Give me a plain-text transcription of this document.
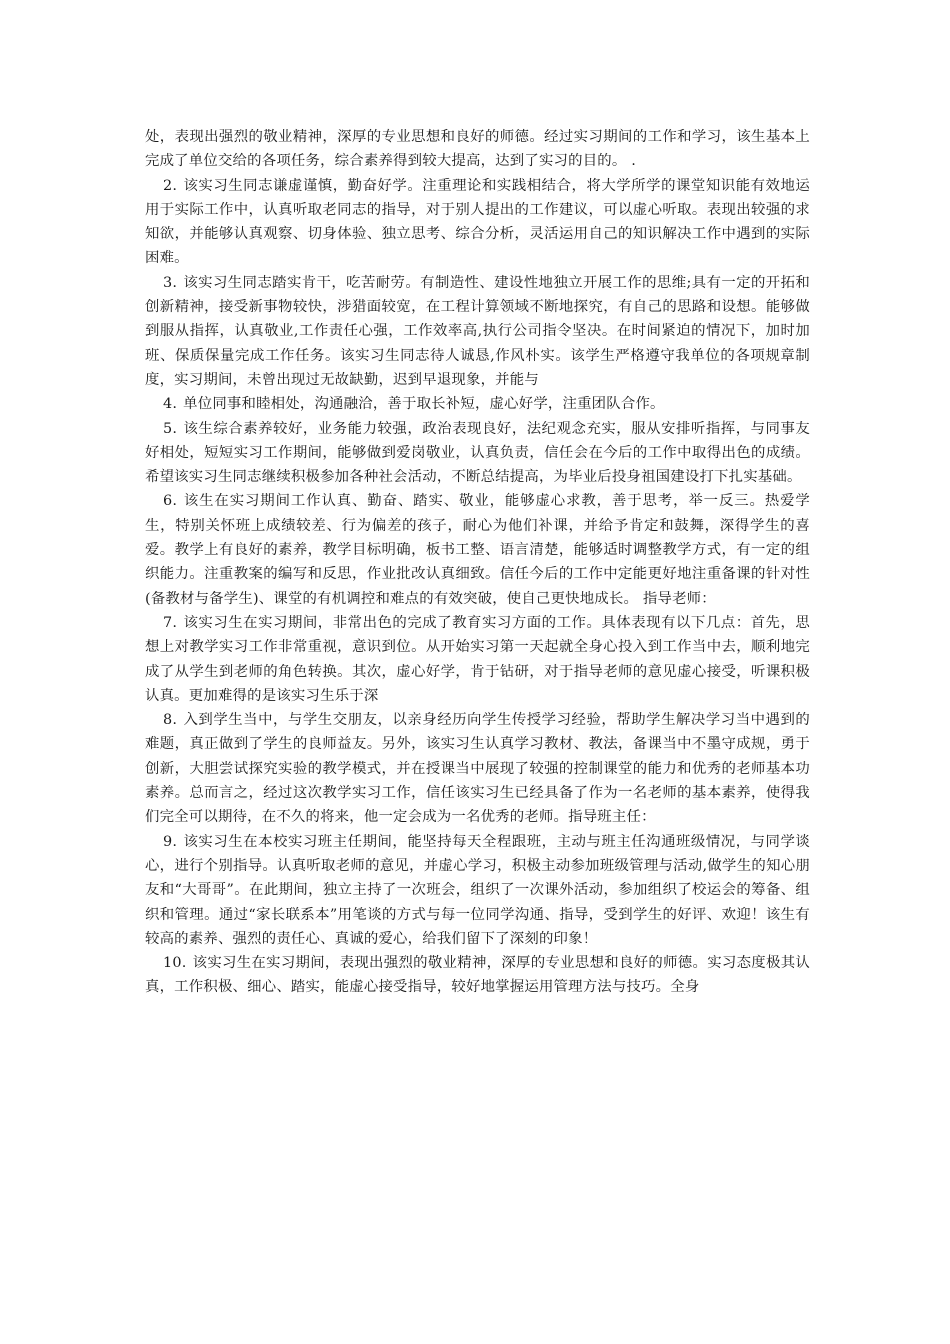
处，表现出强烈的敬业精神，深厚的专业思想和良好的师德。经过实习期间的工作和学习，该生基本上完成了单位交给的各项任务，综合素养得到较大提高，达到了实习的目的。 .

2. 该实习生同志谦虚谨慎，勤奋好学。注重理论和实践相结合，将大学所学的课堂知识能有效地运用于实际工作中，认真听取老同志的指导，对于别人提出的工作建议，可以虚心听取。表现出较强的求知欲，并能够认真观察、切身体验、独立思考、综合分析，灵活运用自己的知识解决工作中遇到的实际困难。

3. 该实习生同志踏实肯干，吃苦耐劳。有制造性、建设性地独立开展工作的思维;具有一定的开拓和创新精神，接受新事物较快，涉猎面较宽，在工程计算领域不断地探究，有自己的思路和设想。能够做到服从指挥，认真敬业,工作责任心强，工作效率高,执行公司指令坚决。在时间紧迫的情况下，加时加班、保质保量完成工作任务。该实习生同志待人诚恳,作风朴实。该学生严格遵守我单位的各项规章制度，实习期间，未曾出现过无故缺勤，迟到早退现象，并能与

4. 单位同事和睦相处，沟通融洽，善于取长补短，虚心好学，注重团队合作。

5. 该生综合素养较好，业务能力较强，政治表现良好，法纪观念充实，服从安排听指挥，与同事友好相处，短短实习工作期间，能够做到爱岗敬业，认真负责，信任会在今后的工作中取得出色的成绩。希望该实习生同志继续积极参加各种社会活动，不断总结提高，为毕业后投身祖国建设打下扎实基础。

6. 该生在实习期间工作认真、勤奋、踏实、敬业，能够虚心求教，善于思考，举一反三。热爱学生，特别关怀班上成绩较差、行为偏差的孩子，耐心为他们补课，并给予肯定和鼓舞，深得学生的喜爱。教学上有良好的素养，教学目标明确，板书工整、语言清楚，能够适时调整教学方式，有一定的组织能力。注重教案的编写和反思，作业批改认真细致。信任今后的工作中定能更好地注重备课的针对性(备教材与备学生)、课堂的有机调控和难点的有效突破，使自己更快地成长。 指导老师：

7. 该实习生在实习期间，非常出色的完成了教育实习方面的工作。具体表现有以下几点：首先，思想上对教学实习工作非常重视，意识到位。从开始实习第一天起就全身心投入到工作当中去，顺利地完成了从学生到老师的角色转换。其次，虚心好学，肯于钻研，对于指导老师的意见虚心接受，听课积极认真。更加难得的是该实习生乐于深

8. 入到学生当中，与学生交朋友，以亲身经历向学生传授学习经验，帮助学生解决学习当中遇到的难题，真正做到了学生的良师益友。另外，该实习生认真学习教材、教法，备课当中不墨守成规，勇于创新，大胆尝试探究实验的教学模式，并在授课当中展现了较强的控制课堂的能力和优秀的老师基本功素养。总而言之，经过这次教学实习工作，信任该实习生已经具备了作为一名老师的基本素养，使得我们完全可以期待，在不久的将来，他一定会成为一名优秀的老师。指导班主任：

9. 该实习生在本校实习班主任期间，能坚持每天全程跟班，主动与班主任沟通班级情况，与同学谈心，进行个别指导。认真听取老师的意见，并虚心学习，积极主动参加班级管理与活动,做学生的知心朋友和“大哥哥”。在此期间，独立主持了一次班会，组织了一次课外活动，参加组织了校运会的筹备、组织和管理。通过“家长联系本”用笔谈的方式与每一位同学沟通、指导，受到学生的好评、欢迎！该生有较高的素养、强烈的责任心、真诚的爱心，给我们留下了深刻的印象！

10. 该实习生在实习期间，表现出强烈的敬业精神，深厚的专业思想和良好的师德。实习态度极其认真，工作积极、细心、踏实，能虚心接受指导，较好地掌握运用管理方法与技巧。全身
